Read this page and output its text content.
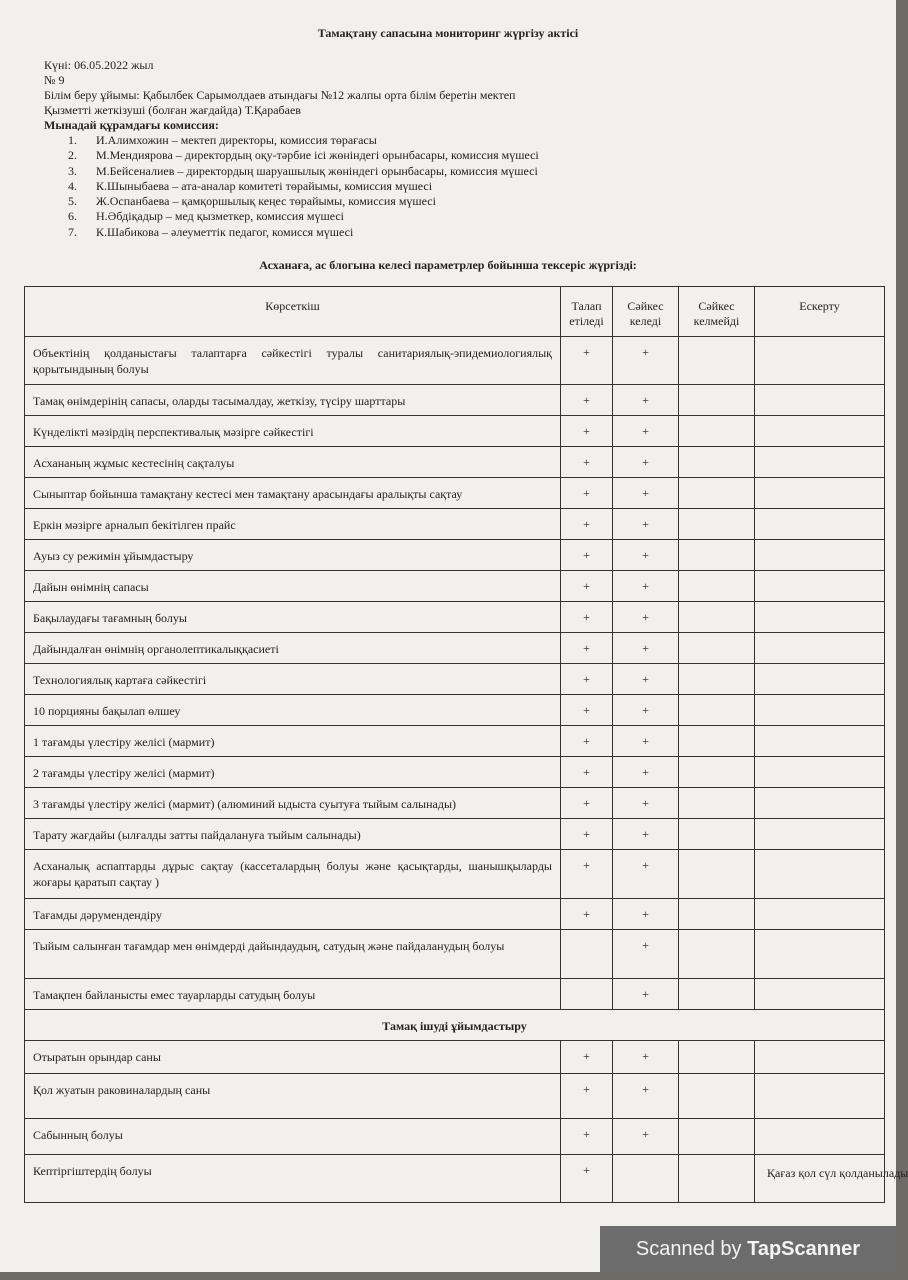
Тамақтану сапасына мониторинг жүргізу актісі
Күні: 06.05.2022 жыл
№ 9
Білім беру ұйымы: Қабылбек Сарымолдаев атындағы №12 жалпы орта білім беретін мектеп
Қызметті жеткізуші (болған жағдайда) Т.Қарабаев
Мынадай құрамдағы комиссия:
1. И.Алимхожин – мектеп директоры, комиссия төрағасы
2. М.Мендиярова – директордың оқу-тәрбие ісі жөніндегі орынбасары, комиссия мүшесі
3. М.Бейсеналиев – директордың шаруашылық жөніндегі орынбасары, комиссия мүшесі
4. К.Шыныбаева – ата-аналар комитеті төрайымы, комиссия мүшесі
5. Ж.Оспанбаева – қамқоршылық кеңес төрайымы, комиссия мүшесі
6. Н.Әбдіқадыр – мед қызметкер, комиссия мүшесі
7. К.Шабикова – әлеуметтік педагог, комисся мүшесі
Асханаға, ас блогына келесі параметрлер бойынша тексеріс жүргізді:
Көрсеткіш	Талап етіледі	Сәйкес келеді	Сәйкес келмейді	Ескерту
Объектінің қолданыстағы талаптарға сәйкестігі туралы санитариялық-эпидемиологиялық қорытындының болуы	+	+		
Тамақ өнімдерінің сапасы, оларды тасымалдау, жеткізу, түсіру шарттары	+	+		
Күнделікті мәзірдің перспективалық мәзірге сәйкестігі	+	+		
Асхананың жұмыс кестесінің сақталуы	+	+		
Сыныптар бойынша тамақтану кестесі мен тамақтану арасындағы аралықты сақтау	+	+		
Еркін мәзірге арналып бекітілген прайс	+	+		
Ауыз су режимін ұйымдастыру	+	+		
Дайын өнімнің сапасы	+	+		
Бақылаудағы тағамның болуы	+	+		
Дайындалған өнімнің органолептикалыққасиеті	+	+		
Технологиялық картаға сәйкестігі	+	+		
10 порцияны бақылап өлшеу	+	+		
1 тағамды үлестіру желісі (мармит)	+	+		
2 тағамды үлестіру желісі (мармит)	+	+		
3 тағамды үлестіру желісі (мармит) (алюминий ыдыста суытуға тыйым салынады)	+	+		
Тарату жағдайы (ылғалды затты пайдалануға тыйым салынады)	+	+		
Асханалық аспаптарды дұрыс сақтау (кассеталардың болуы және қасықтарды, шанышқыларды жоғары қаратып сақтау )	+	+		
Тағамды дәрумендендіру	+	+		
Тыйым салынған тағамдар мен өнімдерді дайындаудың, сатудың және пайдаланудың болуы		+		
Тамақпен байланысты емес тауарларды сатудың болуы		+		
Тамақ ішуді ұйымдастыру				
Отыратын орындар саны	+	+		
Қол жуатын раковиналардың саны	+	+		
Сабынның болуы	+	+		
Кептіргіштердің болуы	+			Қағаз қол сүл қолданылады
Scanned by TapScanner
